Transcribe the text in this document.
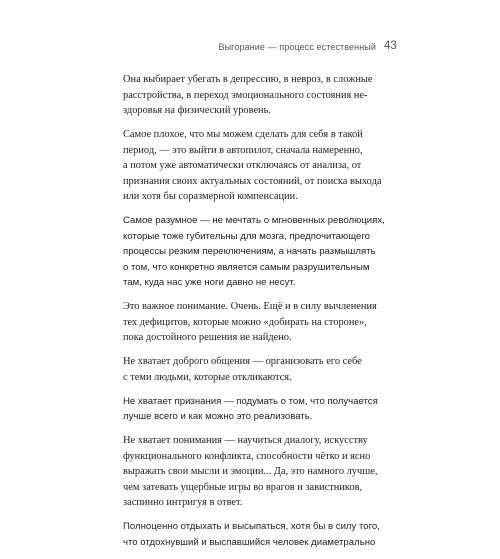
Выгорание — процесс естественный 43

Она выбирает убегать в депрессию, в невроз, в сложные
расстройства, в переход эмоционального состояния не-
здоровья на физический уровень.

Самое плохое, что мы можем сделать для себя в такой
период, — это выйти в автопилот, сначала намеренно,
а потом уже автоматически отключаясь от анализа, от
признания своих актуальных состояний, от поиска выхода
или хотя бы соразмерной компенсации.

Самое разумное — не мечтать о мгновенных революциях,
которые тоже губительны для мозга, предпочитающего
процессы резким переключениям, а начать размышлять
о том, что конкретно является самым разрушительным
там, куда нас уже ноги давно не несут.

Это важное понимание. Очень. Ещё и в силу вычленения
тех дефицитов, которые можно «добирать на стороне»,
пока достойного решения не найдено.

Не хватает доброго общения — организовать его себе
с теми людьми, которые откликаются.

Не хватает признания — подумать о том, что получается
лучше всего и как можно это реализовать.

Не хватает понимания — научиться диалогу, искусству
функционального конфликта, способности чётко и ясно
выражать свои мысли и эмоции... Да, это намного лучше,
чем затевать ущербные игры во врагов и завистников,
заспинно интригуя в ответ.

Полноценно отдыхать и высыпаться, хотя бы в силу того,
что отдохнувший и выспавшийся человек диаметрально
